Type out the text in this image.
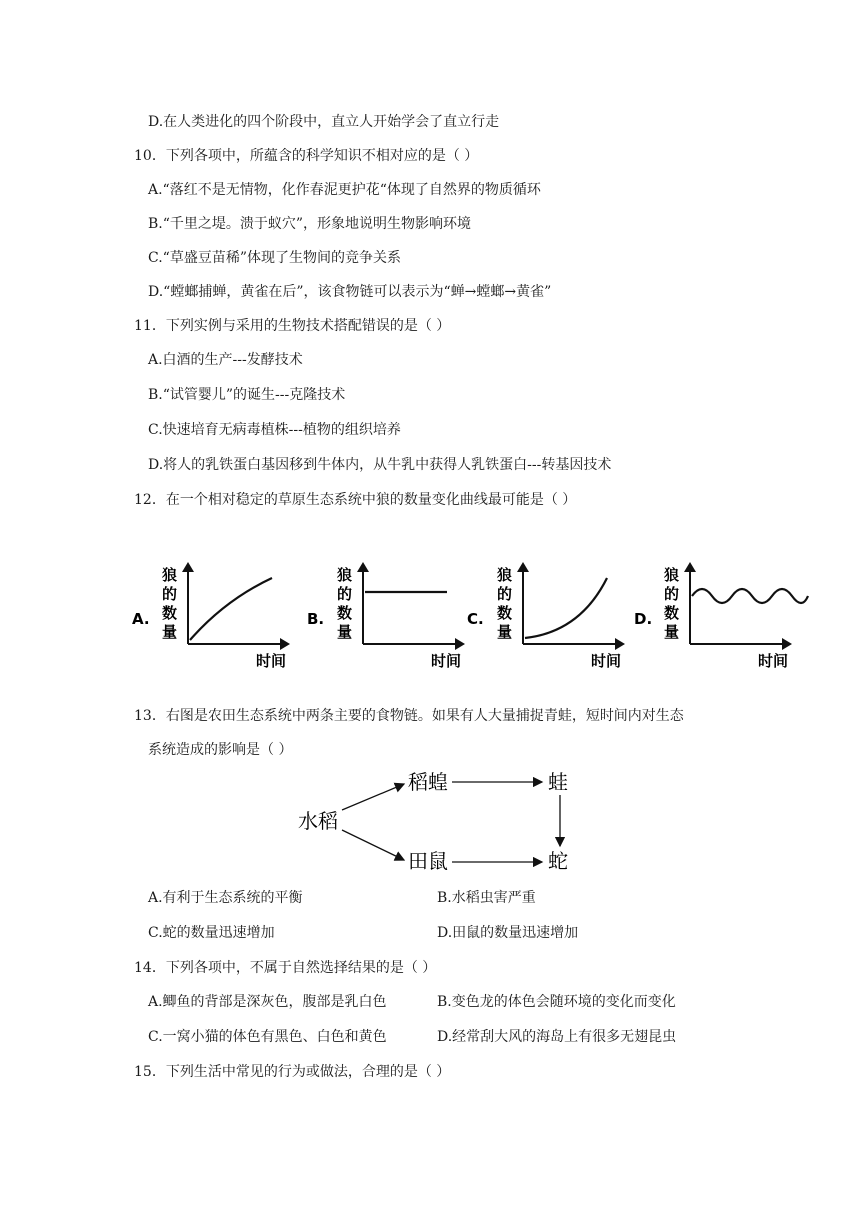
D.在人类进化的四个阶段中，直立人开始学会了直立行走
10．下列各项中，所蕴含的科学知识不相对应的是（ ）
A.“落红不是无情物，化作春泥更护花“体现了自然界的物质循环
B.“千里之堤。溃于蚁穴”，形象地说明生物影响环境
C.“草盛豆苗稀”体现了生物间的竞争关系
D.“螳螂捕蝉，黄雀在后”，该食物链可以表示为“蝉→螳螂→黄雀”
11．下列实例与采用的生物技术搭配错误的是（ ）
A.白酒的生产---发酵技术
B.“试管婴儿”的诞生---克隆技术
C.快速培育无病毒植株---植物的组织培养
D.将人的乳铁蛋白基因移到牛体内，从牛乳中获得人乳铁蛋白---转基因技术
12．在一个相对稳定的草原生态系统中狼的数量变化曲线最可能是（ ）
A.
狼
的
数
量
时间
B.
狼
的
数
量
时间
C.
狼
的
数
量
时间
D.
狼
的
数
量
时间
13．右图是农田生态系统中两条主要的食物链。如果有人大量捕捉青蛙，短时间内对生态
系统造成的影响是（ ）
水稻
稻蝗	蛙
田鼠	蛇
A.有利于生态系统的平衡	B.水稻虫害严重
C.蛇的数量迅速增加	D.田鼠的数量迅速增加
14．下列各项中，不属于自然选择结果的是（ ）
A.鲫鱼的背部是深灰色，腹部是乳白色	B.变色龙的体色会随环境的变化而变化
C.一窝小猫的体色有黑色、白色和黄色	D.经常刮大风的海岛上有很多无翅昆虫
15．下列生活中常见的行为或做法，合理的是（ ）
